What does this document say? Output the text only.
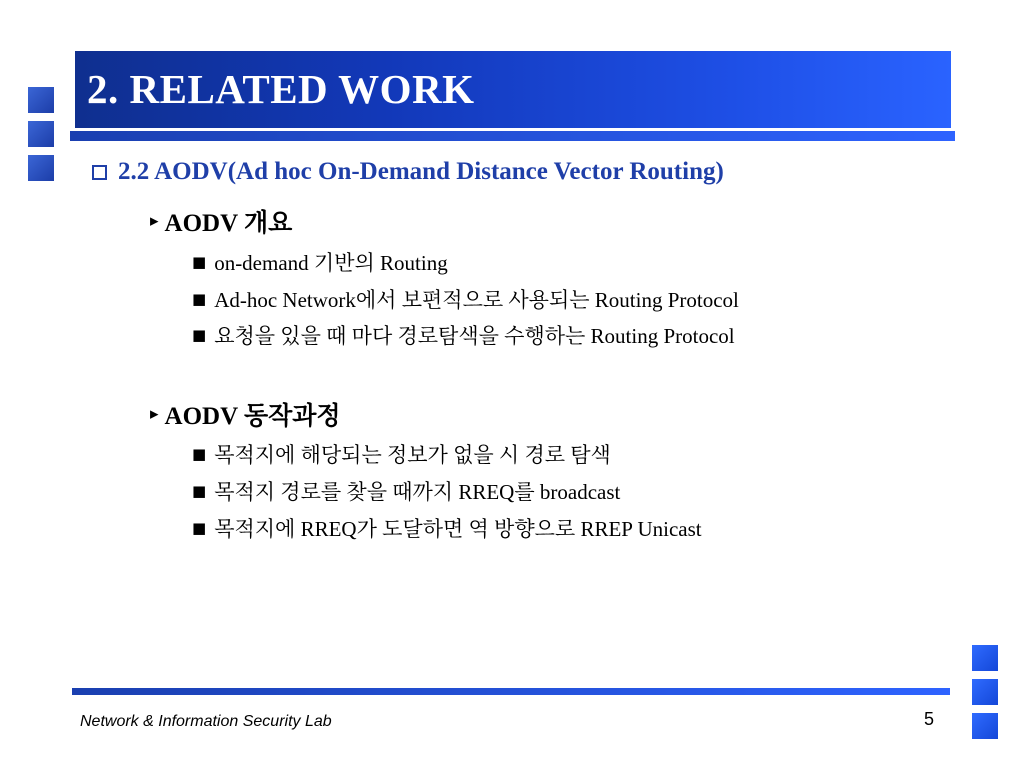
2. RELATED WORK
2.2 AODV(Ad hoc On-Demand Distance Vector Routing)
▸ AODV 개요
■ on-demand 기반의 Routing
■ Ad-hoc Network에서 보편적으로 사용되는 Routing Protocol
■ 요청을 있을 때 마다 경로탐색을 수행하는 Routing Protocol
▸ AODV 동작과정
■ 목적지에 해당되는 정보가 없을 시 경로 탐색
■ 목적지 경로를 찾을 때까지 RREQ를 broadcast
■ 목적지에 RREQ가 도달하면 역 방향으로 RREP Unicast
Network & Information Security Lab	5
